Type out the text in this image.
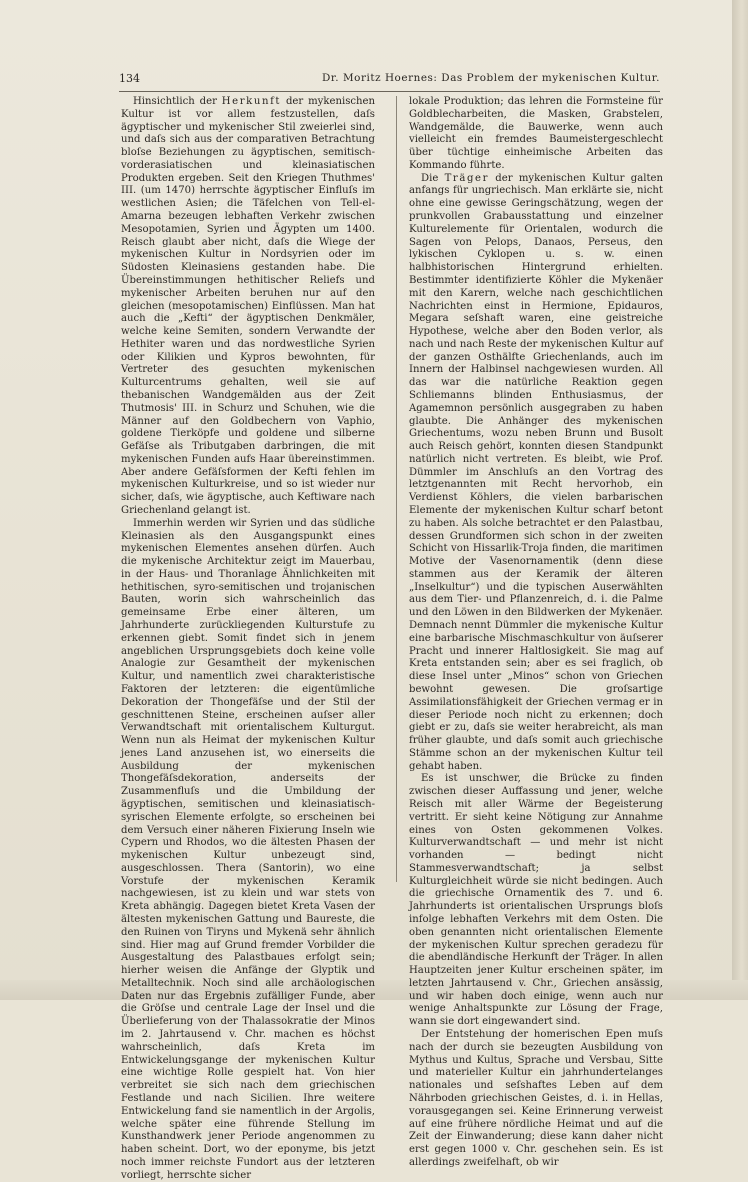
134	Dr. Moritz Hoernes: Das Problem der mykenischen Kultur.

Hinsichtlich der Herkunft der mykenischen Kultur ist vor allem festzustellen, daſs ägyptischer und mykenischer Stil zweierlei sind, und daſs sich aus der comparativen Betrachtung bloſse Beziehungen zu ägyptischen, semitisch-vorderasiatischen und kleinasiatischen Produkten ergeben. Seit den Kriegen Thuthmes' III. (um 1470) herrschte ägyptischer Einfluſs im westlichen Asien; die Täfelchen von Tell-el-Amarna bezeugen lebhaften Verkehr zwischen Mesopotamien, Syrien und Ägypten um 1400. Reisch glaubt aber nicht, daſs die Wiege der mykenischen Kultur in Nordsyrien oder im Südosten Kleinasiens gestanden habe. Die Übereinstimmungen hethitischer Reliefs und mykenischer Arbeiten beruhen nur auf den gleichen (mesopotamischen) Einflüssen. Man hat auch die „Kefti“ der ägyptischen Denkmäler, welche keine Semiten, sondern Verwandte der Hethiter waren und das nordwestliche Syrien oder Kilikien und Kypros bewohnten, für Vertreter des gesuchten mykenischen Kulturcentrums gehalten, weil sie auf thebanischen Wandgemälden aus der Zeit Thutmosis' III. in Schurz und Schuhen, wie die Männer auf den Goldbechern von Vaphio, goldene Tierköpfe und goldene und silberne Gefäſse als Tributgaben darbringen, die mit mykenischen Funden aufs Haar übereinstimmen. Aber andere Gefäſsformen der Kefti fehlen im mykenischen Kulturkreise, und so ist wieder nur sicher, daſs, wie ägyptische, auch Keftiware nach Griechenland gelangt ist.

Immerhin werden wir Syrien und das südliche Kleinasien als den Ausgangspunkt eines mykenischen Elementes ansehen dürfen. Auch die mykenische Architektur zeigt im Mauerbau, in der Haus- und Thoranlage Ähnlichkeiten mit hethitischen, syro-semitischen und trojanischen Bauten, worin sich wahrscheinlich das gemeinsame Erbe einer älteren, um Jahrhunderte zurückliegenden Kulturstufe zu erkennen giebt. Somit findet sich in jenem angeblichen Ursprungsgebiets doch keine volle Analogie zur Gesamtheit der mykenischen Kultur, und namentlich zwei charakteristische Faktoren der letzteren: die eigentümliche Dekoration der Thongefäſse und der Stil der geschnittenen Steine, erscheinen auſser aller Verwandtschaft mit orientalischem Kulturgut. Wenn nun als Heimat der mykenischen Kultur jenes Land anzusehen ist, wo einerseits die Ausbildung der mykenischen Thongefäſsdekoration, anderseits der Zusammenfluſs und die Umbildung der ägyptischen, semitischen und kleinasiatisch-syrischen Elemente erfolgte, so erscheinen bei dem Versuch einer näheren Fixierung Inseln wie Cypern und Rhodos, wo die ältesten Phasen der mykenischen Kultur unbezeugt sind, ausgeschlossen. Thera (Santorin), wo eine Vorstufe der mykenischen Keramik nachgewiesen, ist zu klein und war stets von Kreta abhängig. Dagegen bietet Kreta Vasen der ältesten mykenischen Gattung und Baureste, die den Ruinen von Tiryns und Mykenä sehr ähnlich sind. Hier mag auf Grund fremder Vorbilder die Ausgestaltung des Palastbaues erfolgt sein; hierher weisen die Anfänge der Glyptik und Metalltechnik. Noch sind alle archäologischen Daten nur das Ergebnis zufälliger Funde, aber die Gröſse und centrale Lage der Insel und die Überlieferung von der Thalassokratie der Minos im 2. Jahrtausend v. Chr. machen es höchst wahrscheinlich, daſs Kreta im Entwickelungsgange der mykenischen Kultur eine wichtige Rolle gespielt hat. Von hier verbreitet sie sich nach dem griechischen Festlande und nach Sicilien. Ihre weitere Entwickelung fand sie namentlich in der Argolis, welche später eine führende Stellung im Kunsthandwerk jener Periode angenommen zu haben scheint. Dort, wo der eponyme, bis jetzt noch immer reichste Fundort aus der letzteren vorliegt, herrschte sicher

lokale Produktion; das lehren die Formsteine für Goldblecharbeiten, die Masken, Grabsteleп, Wandgemälde, die Bauwerke, wenn auch vielleicht ein fremdes Baumeistergeschlecht über tüchtige einheimische Arbeiten das Kommando führte.

Die Träger der mykenischen Kultur galten anfangs für ungriechisch. Man erklärte sie, nicht ohne eine gewisse Geringschätzung, wegen der prunkvollen Grabausstattung und einzelner Kulturelemente für Orientalen, wodurch die Sagen von Pelops, Danaos, Perseus, den lykischen Cyklopen u. s. w. einen halbhistorischen Hintergrund erhielten. Bestimmter identifizierte Köhler die Mykenäer mit den Karern, welche nach geschichtlichen Nachrichten einst in Hermione, Epidauros, Megara seſshaft waren, eine geistreiche Hypothese, welche aber den Boden verlor, als nach und nach Reste der mykenischen Kultur auf der ganzen Osthälfte Griechenlands, auch im Innern der Halbinsel nachgewiesen wurden. All das war die natürliche Reaktion gegen Schliemanns blinden Enthusiasmus, der Agamemnon persönlich ausgegraben zu haben glaubte. Die Anhänger des mykenischen Griechentums, wozu neben Brunn und Busolt auch Reisch gehört, konnten diesen Standpunkt natürlich nicht vertreten. Es bleibt, wie Prof. Dümmler im Anschluſs an den Vortrag des letztgenannten mit Recht hervorhob, ein Verdienst Köhlers, die vielen barbarischen Elemente der mykenischen Kultur scharf betont zu haben. Als solche betrachtet er den Palastbau, dessen Grundformen sich schon in der zweiten Schicht von Hissarlik-Troja finden, die maritimen Motive der Vasenornamentik (denn diese stammen aus der Keramik der älteren „Inselkultur“) und die typischen Auserwählten aus dem Tier- und Pflanzenreich, d. i. die Palme und den Löwen in den Bildwerken der Mykenäer. Demnach nennt Dümmler die mykenische Kultur eine barbarische Mischmaschkultur von äuſserer Pracht und innerer Haltlosigkeit. Sie mag auf Kreta entstanden sein; aber es sei fraglich, ob diese Insel unter „Minos“ schon von Griechen bewohnt gewesen. Die groſsartige Assimilationsfähigkeit der Griechen vermag er in dieser Periode noch nicht zu erkennen; doch giebt er zu, daſs sie weiter herabreicht, als man früher glaubte, und daſs somit auch griechische Stämme schon an der mykenischen Kultur teil gehabt haben.

Es ist unschwer, die Brücke zu finden zwischen dieser Auffassung und jener, welche Reisch mit aller Wärme der Begeisterung vertritt. Er sieht keine Nötigung zur Annahme eines von Osten gekommenen Volkes. Kulturverwandtschaft — und mehr ist nicht vorhanden — bedingt nicht Stammesverwandtschaft; ja selbst Kulturgleichheit würde sie nicht bedingen. Auch die griechische Ornamentik des 7. und 6. Jahrhunderts ist orientalischen Ursprungs bloſs infolge lebhaften Verkehrs mit dem Osten. Die oben genannten nicht orientalischen Elemente der mykenischen Kultur sprechen geradezu für die abendländische Herkunft der Träger. In allen Hauptzeiten jener Kultur erscheinen später, im letzten Jahrtausend v. Chr., Griechen ansässig, und wir haben doch einige, wenn auch nur wenige Anhaltspunkte zur Lösung der Frage, wann sie dort eingewandert sind.

Der Entstehung der homerischen Epen muſs nach der durch sie bezeugten Ausbildung von Mythus und Kultus, Sprache und Versbau, Sitte und materieller Kultur ein jahrhundertelanges nationales und seſshaftes Leben auf dem Nährboden griechischen Geistes, d. i. in Hellas, vorausgegangen sei. Keine Erinnerung verweist auf eine frühere nördliche Heimat und auf die Zeit der Einwanderung; diese kann daher nicht erst gegen 1000 v. Chr. geschehen sein. Es ist allerdings zweifelhaft, ob wir
